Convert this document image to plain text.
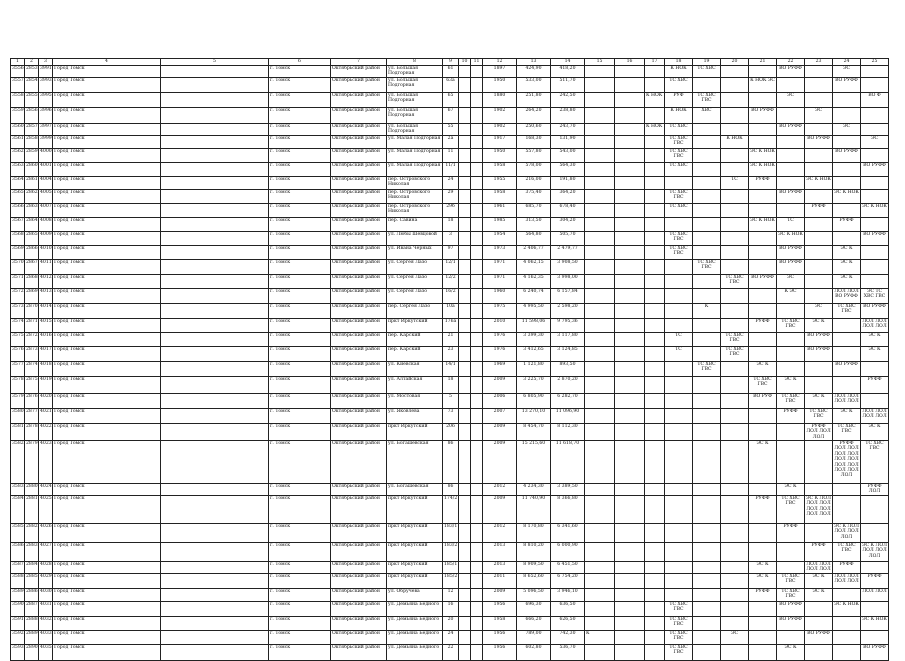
1	2	3	4	5	6	7	8	9	10	11	12	13	14	15	16	17	18	19	20	21	22	23	24	25
3556	2853	3991	Город Томск		г. Томск	Октябрьский район	ул. Большая Подгорная	61			1897	424,90	418,20				К НОК	ТС ХВС			ВО РУФФ		ЭС	
3557	2854	3993	Город Томск		г. Томск	Октябрьский район	ул. Большая Подгорная	63а			1950	533,00	511,70				ТС ХВС			К НОК ЭС			ВО РУФФ	
3558	2855	3995	Город Томск		г. Томск	Октябрьский район	ул. Большая Подгорная	65			1880	251,80	242,50			К НОК	РУФ	ТС ХВС ГВС			ЭС			ВО Ф
3559	2856	3996	Город Томск		г. Томск	Октябрьский район	ул. Большая Подгорная	67			1902	264,20	238,80				К НОК	ХВС		ВО РУФФ		ЭС		
3560	2857	3997	Город Томск		г. Томск	Октябрьский район	ул. Большая Подгорная	55			1902	250,60	243,70			К НОК	ТС ХВС				ВО РУФФ		ЭС	
3561	2858	3999	Город Томск		г. Томск	Октябрьский район	ул. Малая Подгорная	2а			1917	168,30	131,90				ТС ХВС ГВС		К НОК			ВО РУФФ		ЭС
3562	2859	4000	Город Томск		г. Томск	Октябрьский район	ул. Малая Подгорная	11			1950	557,80	543,00				ТС ХВС ГВС			ЭС К НОК			ВО РУФФ	
3563	2860	4001	Город Томск		г. Томск	Октябрьский район	ул. Малая Подгорная	11/1			1958	578,00	564,30				ТС ХВС			ЭС К НОК				ВО РУФФ
3564	2861	4004	Город Томск		г. Томск	Октябрьский район	пер. Островского Николая	24			1955	216,00	191,80						ТС	РУФФ		ЭС К НОК		
3565	2862	4005	Город Томск		г. Томск	Октябрьский район	пер. Островского Николая	29			1958	375,40	364,20				ТС ХВС ГВС				ВО РУФФ		ЭС К НОК	
3566	2863	4007	Город Томск		г. Томск	Октябрьский район	пер. Островского Николая	29б			1961	685,70	678,40				ТС ХВС					РУФФ		ЭС К НОК
3567	2864	4008	Город Томск		г. Томск	Октябрьский район	пер. Савина	18			1985	313,50	304,20							ЭС К НОК	ТС		РУФФ	
3568	2865	4009	Город Томск		г. Томск	Октябрьский район	ул. Любы Шевцовой	3			1954	564,80	505,70				ТС ХВС ГВС				ЭС К НОК			ВО РУФФ
3569	2866	4010	Город Томск		г. Томск	Октябрьский район	ул. Ивана Черных	97			1973	2 406,77	2 479,77				ТС ХВС ГВС				ВО РУФФ		ЭС К	
3570	2867	4011	Город Томск		г. Томск	Октябрьский район	ул. Сергея Лазо	12/1			1971	4 062,15	3 908,50					ТС ХВС ГВС			ВО РУФФ		ЭС К	
3571	2868	4012	Город Томск		г. Томск	Октябрьский район	ул. Сергея Лазо	12/2			1971	4 162,35	3 998,00						ТС ХВС ГВС	ВО РУФФ	ЭС		ЭС К	
3572	2869	4013	Город Томск		г. Томск	Октябрьский район	ул. Сергея Лазо	16/2			1960	6 240,74	6 157,84								К ЭС		ЛОЛ ЛОЛ ВО РУФФ	ЭС ТС ХВС ГВС
3573	2870	4014	Город Томск		г. Томск	Октябрьский район	пер. Сергея Лазо	10а			1975	4 995,50	2 598,20					К				ЭС	ТС ХВС ГВС	ВО РУФФ
3574	2871	4015	Город Томск		г. Томск	Октябрьский район	пркт Иркутский	176а			2010	11 598,06	9 795,36							РУФФ	ТС ХВС ГВС	ЭС К		ЛОЛ ЛОЛ ЛОЛ ЛОЛ
3575	2872	4016	Город Томск		г. Томск	Октябрьский район	пер. Карский	21			1976	3 399,30	3 117,80				ТС		ТС ХВС ГВС			ВО РУФФ		ЭС К
3576	2873	4017	Город Томск		г. Томск	Октябрьский район	пер. Карский	23			1976	3 412,65	3 124,85				ТС		ТС ХВС ГВС			ВО РУФФ		ЭС К
3577	2874	4018	Город Томск		г. Томск	Октябрьский район	ул. Киевская	14/1			1969	1 121,80	893,50					ТС ХВС ГВС		ЭС К			ВО РУФФ	
3578	2875	4019	Город Томск		г. Томск	Октябрьский район	ул. Алтайская	18			2009	3 225,70	2 870,20							ТС ХВС ГВС	ЭС К			РУФФ
3579	2876	4020	Город Томск		г. Томск	Октябрьский район	ул. Мостовая	5			2006	6 805,90	6 282,70							ВО РУФ	ТС ХВС ГВС	ЭС К	ЛОЛ ЛОЛ ЛОЛ ЛОЛ	
3580	2877	4021	Город Томск		г. Томск	Октябрьский район	ул. Яковлева	73			2007	13 270,10	11 096,90								РУФФ	ТС ХВС ГВС	ЭС К	ЛОЛ ЛОЛ ЛОЛ ЛОЛ
3581	2878	4022	Город Томск		г. Томск	Октябрьский район	пркт Иркутский	206			2009	8 454,70	8 112,30									РУФФ ЛОЛ ЛОЛ ЛОЛ	ТС ХВС ГВС	ЭС К
3582	2879	4023	Город Томск		г. Томск	Октябрьский район	ул. Богашевская	86			2009	15 215,60	11 618,70							ЭС К			РУФФ ЛОЛ ЛОЛ ЛОЛ ЛОЛ ЛОЛ ЛОЛ ЛОЛ ЛОЛ ЛОЛ ЛОЛ ЛОЛ	ТС ХВС ГВС
3583	2880	4024	Город Томск		г. Томск	Октябрьский район	ул. Богашевская	86			2012	4 234,30	3 389,50								ЭС К			РУФФ ЛОЛ
3584	2881	4025	Город Томск		г. Томск	Октябрьский район	пркт Иркутский	174/2			2009	11 740,90	8 366,80							РУФФ	ТС ХВС ГВС	ЭС К ЛОЛ ЛОЛ ЛОЛ ЛОЛ ЛОЛ ЛОЛ ЛОЛ		
3585	2882	4026	Город Томск		г. Томск	Октябрьский район	пркт Иркутский	183/1			2012	8 170,80	6 341,60								РУФФ		ЭС К ЛОЛ ЛОЛ ЛОЛ ЛОЛ	
3586	2883	4027	Город Томск		г. Томск	Октябрьский район	пркт Иркутский	183/2			2013	8 810,20	6 000,90									РУФФ	ТС ХВС ГВС	ЭС К ЛОЛ ЛОЛ ЛОЛ ЛОЛ
3587	2884	4028	Город Томск		г. Томск	Октябрьский район	пркт Иркутский	185/1			2013	8 909,50	6 451,50							ЭС К		ЛОЛ ЛОЛ ЛОЛ ЛОЛ	РУФФ	
3588	2885	4029	Город Томск		г. Томск	Октябрьский район	пркт Иркутский	185/2			2011	8 652,60	6 754,20							ЭС К	ТС ХВС ГВС	ЭС К	ЛОЛ ЛОЛ ЛОЛ ЛОЛ	РУФФ
3589	2886	4030	Город Томск		г. Томск	Октябрьский район	ул. Обручева	12			2009	5 096,50	3 946,10							РУФФ	ТС ХВС ГВС	ЭС К		ЛОЛ ЛОЛ
3590	2887	4031	Город Томск		г. Томск	Октябрьский район	ул. Демьяна Бедного	16			1956	696,30	636,50				ТС ХВС ГВС				ВО РУФФ		ЭС К НОК	
3591	2888	4032	Город Томск		г. Томск	Октябрьский район	ул. Демьяна Бедного	20			1958	666,20	626,50				ТС ХВС ГВС				ВО РУФФ			ЭС К НОК
3592	2889	4033	Город Томск		г. Томск	Октябрьский район	ул. Демьяна Бедного	24			1956	789,00	742,30	К			ТС ХВС ГВС		ЭС			ВО РУФФ		
3593	2890	4035	Город Томск		г. Томск	Октябрьский район	ул. Демьяна Бедного	22			1956	602,80	536,70				ТС ХВС ГВС				ЭС К			ВО РУФФ
